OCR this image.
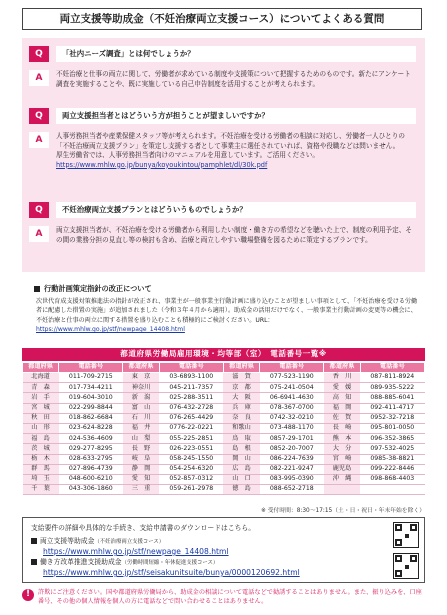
両立支援等助成金（不妊治療両立支援コース）についてよくある質問
Q	「社内ニーズ調査」とは何でしょうか？
A	不妊治療と仕事の両立に関して、労働者が求めている制度や支援策について把握するためのものです。新たにアンケート調査を実施することや、既に実施している自己申告制度を活用することが考えられます。
Q	両立支援担当者とはどういう方が担うことが望ましいですか？
A	人事労務担当者や産業保健スタッフ等が考えられます。不妊治療を受ける労働者の相談に対応し、労働者一人ひとりの「不妊治療両立支援プラン」を策定し支援する者として事業主に選任されていれば、資格や役職などは問いません。
厚生労働省では、人事労務担当者向けのマニュアルを用意しています。ご活用ください。
https://www.mhlw.go.jp/bunya/koyoukintou/pamphlet/dl/30k.pdf
Q	不妊治療両立支援プランとはどういうものでしょうか？
A	両立支援担当者が、不妊治療を受ける労働者から利用したい制度・働き方の希望などを聴いた上で、制度の利用予定、その間の業務分担の見直し等の検討も含め、治療と両立しやすい職場整備を図るために策定するプランです。
行動計画策定指針の改正について
次世代育成支援対策推進法の指針が改正され、事業主が一般事業主行動計画に盛り込むことが望ましい事項として、「不妊治療を受ける労働者に配慮した措置の実施」が追加されました（令和３年４月から適用）。助成金の活用だけでなく、一般事業主行動計画の変更等の機会に、不妊治療と仕事の両立に関する措置を盛り込むことも積極的にご検討ください。URL：https://www.mhlw.go.jp/stf/newpage_14408.html
都道府県労働局雇用環境・均等部（室）　電話番号一覧※
都道府県	電話番号	都道府県	電話番号	都道府県	電話番号	都道府県	電話番号
北海道	011-709-2715	東　京	03-6893-1100	滋　賀	077-523-1190	香　川	087-811-8924
青　森	017-734-4211	神奈川	045-211-7357	京　都	075-241-0504	愛　媛	089-935-5222
岩　手	019-604-3010	新　潟	025-288-3511	大　阪	06-6941-4630	高　知	088-885-6041
宮　城	022-299-8844	富　山	076-432-2728	兵　庫	078-367-0700	福　岡	092-411-4717
秋　田	018-862-6684	石　川	076-265-4429	奈　良	0742-32-0210	佐　賀	0952-32-7218
山　形	023-624-8228	福　井	0776-22-0221	和歌山	073-488-1170	長　崎	095-801-0050
福　島	024-536-4609	山　梨	055-225-2851	鳥　取	0857-29-1701	熊　本	096-352-3865
茨　城	029-277-8295	長　野	026-223-0551	島　根	0852-20-7007	大　分	097-532-4025
栃　木	028-633-2795	岐　阜	058-245-1550	岡　山	086-224-7639	宮　崎	0985-38-8821
群　馬	027-896-4739	静　岡	054-254-6320	広　島	082-221-9247	鹿児島	099-222-8446
埼　玉	048-600-6210	愛　知	052-857-0312	山　口	083-995-0390	沖　縄	098-868-4403
千　葉	043-306-1860	三　重	059-261-2978	徳　島	088-652-2718		
※ 受付時間：8:30〜17:15（土・日・祝日・年末年始を除く）
支給要件の詳細や具体的な手続き、支給申請書のダウンロードはこちら。
両立支援等助成金（不妊治療両立支援コース）
https://www.mhlw.go.jp/stf/newpage_14408.html
働き方改革推進支援助成金（労働時間短縮・年休促進支援コース）
https://www.mhlw.go.jp/stf/seisakunitsuite/bunya/0000120692.html
!	許欺にご注意ください。国や都道府県労働局から、助成金の相談について電話などで勧誘することはありません。また、振り込みを、口座番号、その他の個人情報を個人の方に電話などで問い合わせることはありません。
